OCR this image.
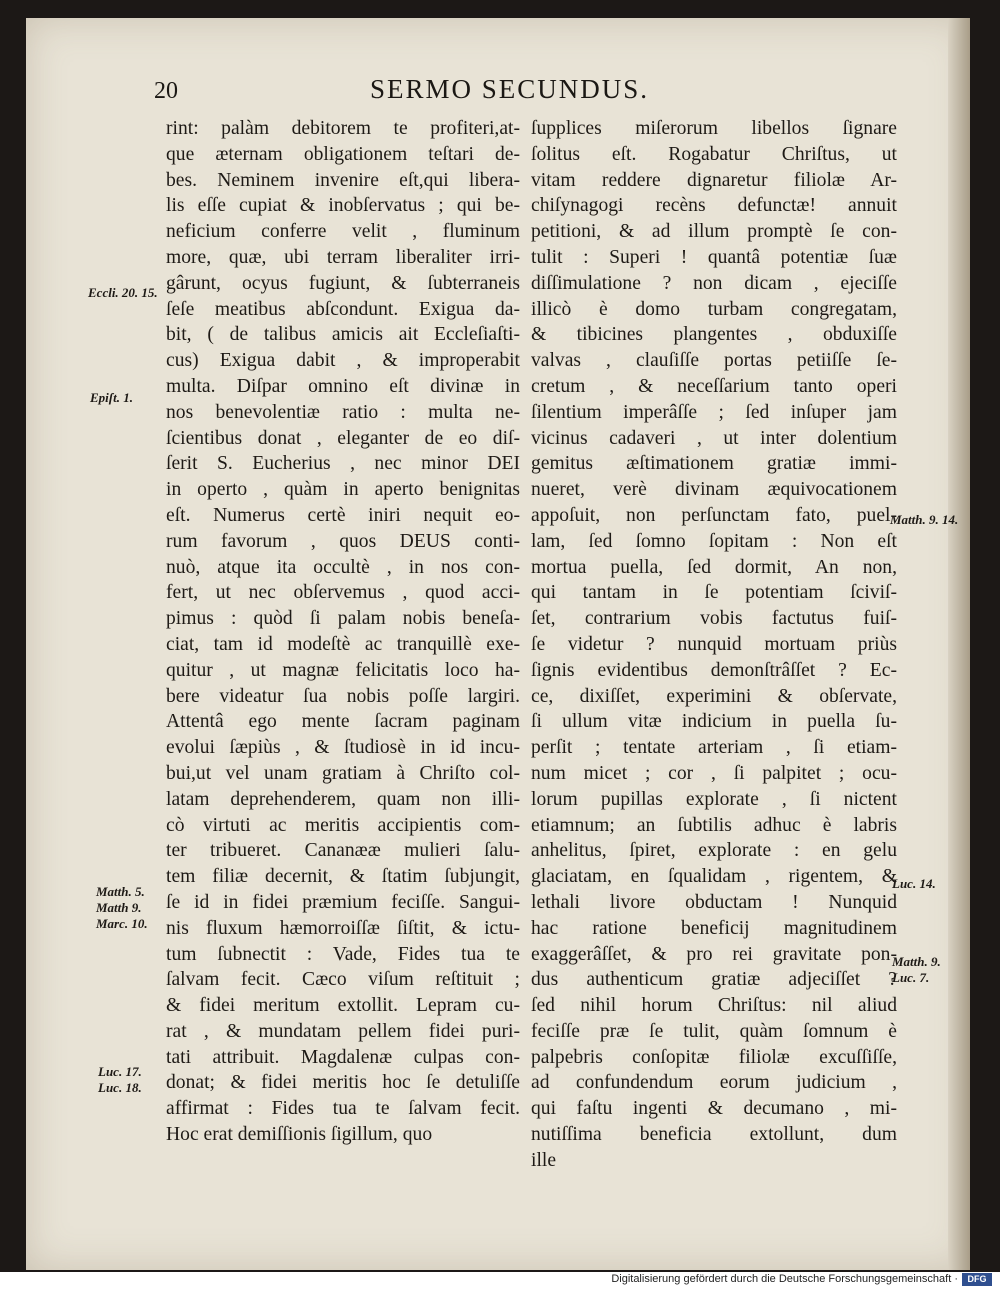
20	SERMO SECUNDUS.
rint: palàm debitorem te profiteri,at-
que æternam obligationem teſtari de-
bes. Neminem invenire eſt,qui libera-
lis eſſe cupiat & inobſervatus ; qui be-
neficium conferre velit , fluminum
more, quæ, ubi terram liberaliter irri-
gârunt, ocyus fugiunt, & ſubterraneis
ſeſe meatibus abſcondunt. Exigua da-
bit, ( de talibus amicis ait Eccleſiaſti-
cus) Exigua dabit , & improperabit
multa. Diſpar omnino eſt divinæ in
nos benevolentiæ ratio : multa ne-
ſcientibus donat , eleganter de eo diſ-
ſerit S. Eucherius , nec minor DEI
in operto , quàm in aperto benignitas
eſt. Numerus certè iniri nequit eo-
rum favorum , quos DEUS conti-
nuò, atque ita occultè , in nos con-
fert, ut nec obſervemus , quod acci-
pimus : quòd ſi palam nobis beneſa-
ciat, tam id modeſtè ac tranquillè exe-
quitur , ut magnæ felicitatis loco ha-
bere videatur ſua nobis poſſe largiri.
Attentâ ego mente ſacram paginam
evolui ſæpiùs , & ſtudiosè in id incu-
bui,ut vel unam gratiam à Chriſto col-
latam deprehenderem, quam non illi-
cò virtuti ac meritis accipientis com-
ter tribueret. Cananææ mulieri ſalu-
tem filiæ decernit, & ſtatim ſubjungit,
ſe id in fidei præmium feciſſe. Sangui-
nis fluxum hæmorroiſſæ ſiſtit, & ictu-
tum ſubnectit : Vade, Fides tua te
ſalvam fecit. Cæco viſum reſtituit ;
& fidei meritum extollit. Lepram cu-
rat , & mundatam pellem fidei puri-
tati attribuit. Magdalenæ culpas con-
donat; & fidei meritis hoc ſe detuliſſe
affirmat : Fides tua te ſalvam fecit.
Hoc erat demiſſionis ſigillum, quo
ſupplices miſerorum libellos ſignare
ſolitus eſt. Rogabatur Chriſtus, ut
vitam reddere dignaretur filiolæ Ar-
chiſynagogi recèns defunctæ! annuit
petitioni, & ad illum promptè ſe con-
tulit : Superi ! quantâ potentiæ ſuæ
diſſimulatione ? non dicam , ejeciſſe
illicò è domo turbam congregatam,
& tibicines plangentes , obduxiſſe
valvas , clauſiſſe portas petiiſſe ſe-
cretum , & neceſſarium tanto operi
ſilentium imperâſſe ; ſed inſuper jam
vicinus cadaveri , ut inter dolentium
gemitus æſtimationem gratiæ immi-
nueret, verè divinam æquivocationem
appoſuit, non perſunctam fato, puel-
lam, ſed ſomno ſopitam : Non eſt
mortua puella, ſed dormit, An non,
qui tantam in ſe potentiam ſciviſ-
ſet, contrarium vobis factutus fuiſ-
ſe videtur ? nunquid mortuam priùs
ſignis evidentibus demonſtrâſſet ? Ec-
ce, dixiſſet, experimini & obſervate,
ſi ullum vitæ indicium in puella ſu-
perſit ; tentate arteriam , ſi etiam-
num micet ; cor , ſi palpitet ; ocu-
lorum pupillas explorate , ſi nictent
etiamnum; an ſubtilis adhuc è labris
anhelitus, ſpiret, explorate : en gelu
glaciatam, en ſqualidam , rigentem, &
lethali livore obductam ! Nunquid
hac ratione beneficij magnitudinem
exaggerâſſet, & pro rei gravitate pon-
dus authenticum gratiæ adjeciſſet ?
ſed nihil horum Chriſtus: nil aliud
feciſſe præ ſe tulit, quàm ſomnum è
palpebris conſopitæ filiolæ excuſſiſſe,
ad confundendum eorum judicium ,
qui faſtu ingenti & decumano , mi-
nutiſſima beneficia extollunt, dum
ille
Eccli. 20. 15.
Epiſt. 1.
Matth. 5. Matth 9. Marc. 10.
Luc. 17. Luc. 18.
Matth. 9. 14.
Luc. 14.
Matth. 9. Luc. 7.
Digitalisierung gefördert durch die Deutsche Forschungsgemeinschaft ·	DFG
